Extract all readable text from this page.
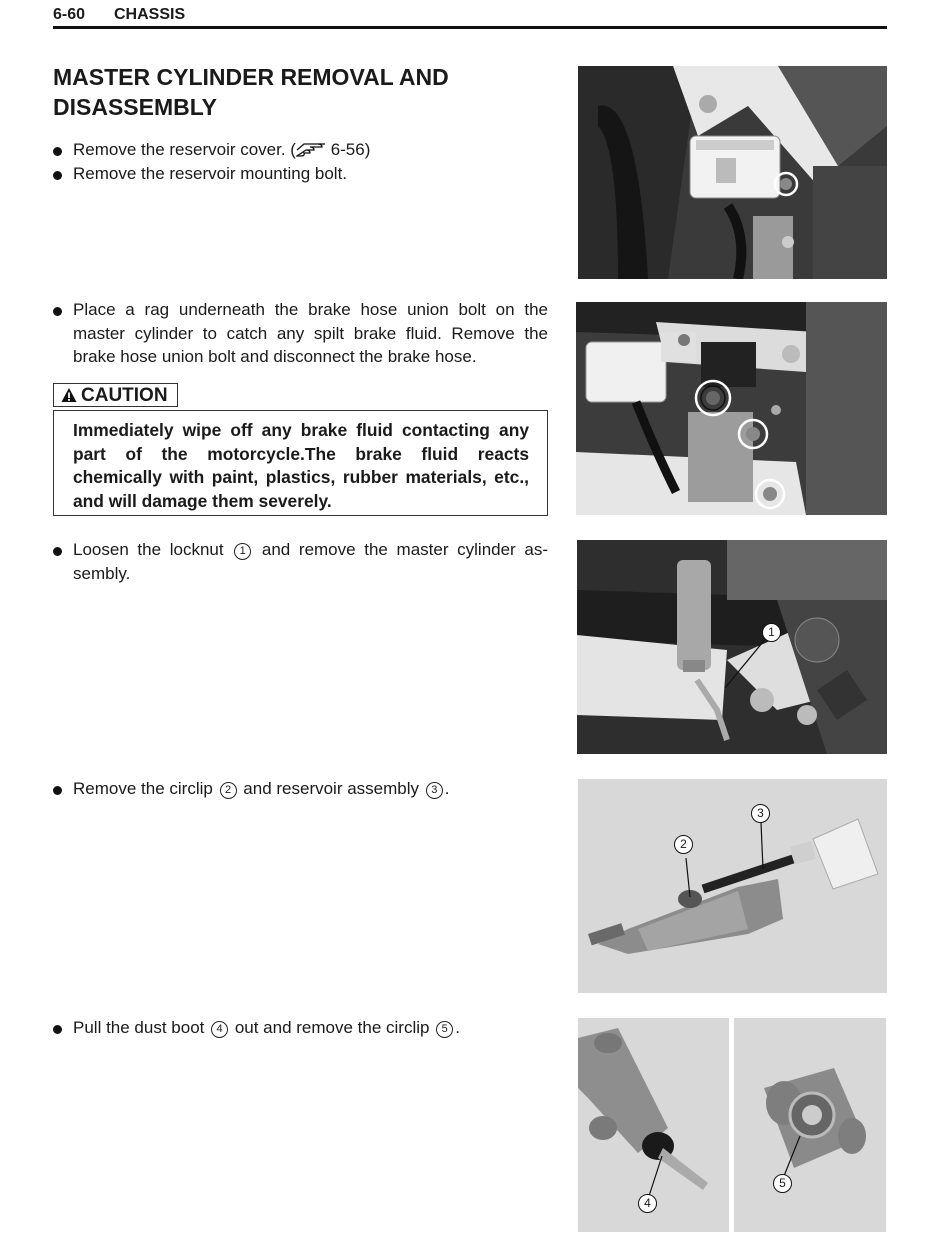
6-60 CHASSIS
MASTER CYLINDER REMOVAL AND DISASSEMBLY
Remove the reservoir cover. ( 6-56)
Remove the reservoir mounting bolt.
Place a rag underneath the brake hose union bolt on the master cylinder to catch any spilt brake fluid. Remove the brake hose union bolt and disconnect the brake hose.
CAUTION
Immediately wipe off any brake fluid contacting any part of the motorcycle.The brake fluid reacts chemically with paint, plastics, rubber materials, etc., and will damage them severely.
Loosen the locknut 1 and remove the master cylinder as-sembly.
Remove the circlip 2 and reservoir assembly 3 .
Pull the dust boot 4 out and remove the circlip 5 .
1
2
3
4
5
